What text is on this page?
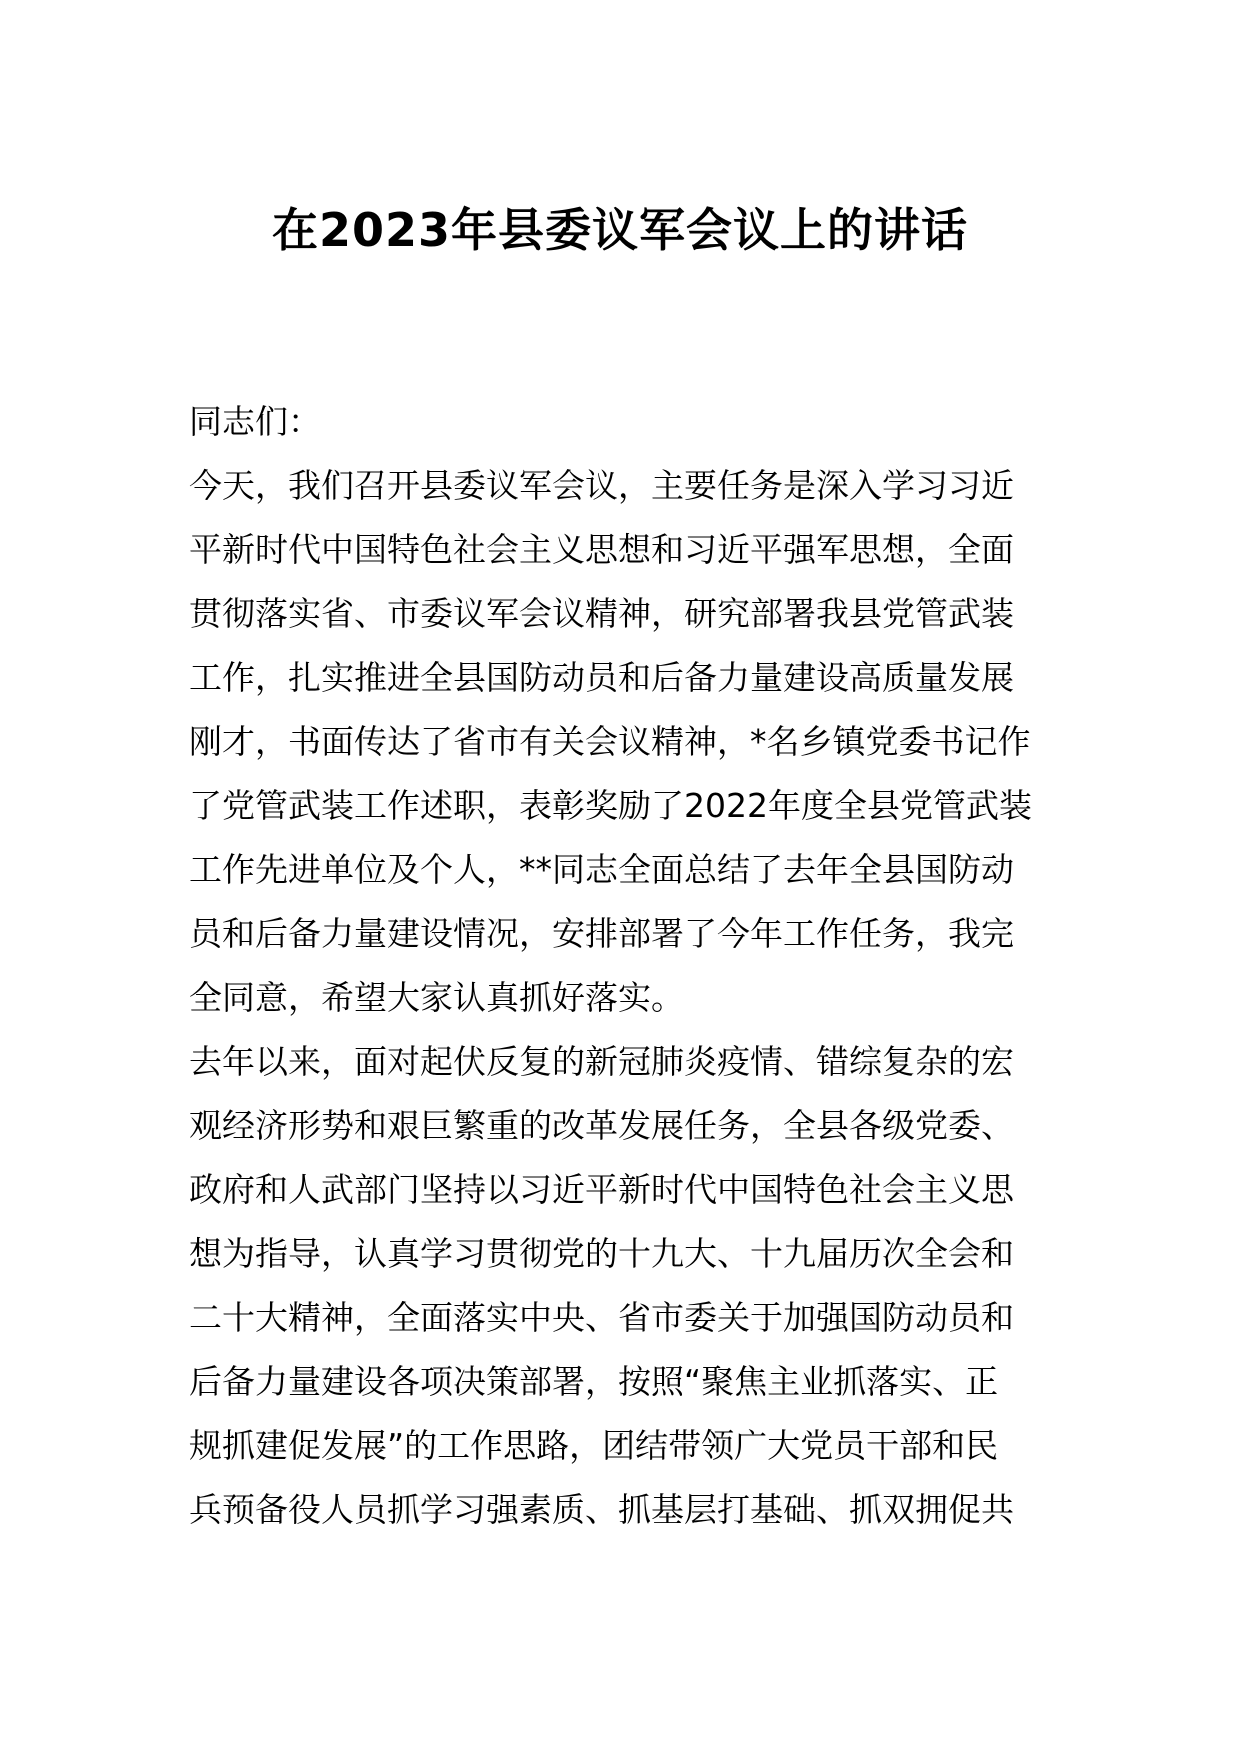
在2023年县委议军会议上的讲话
同志们：
今天，我们召开县委议军会议，主要任务是深入学习习近
平新时代中国特色社会主义思想和习近平强军思想，全面
贯彻落实省、市委议军会议精神，研究部署我县党管武装
工作，扎实推进全县国防动员和后备力量建设高质量发展
刚才，书面传达了省市有关会议精神，*名乡镇党委书记作
了党管武装工作述职，表彰奖励了2022年度全县党管武装
工作先进单位及个人，**同志全面总结了去年全县国防动
员和后备力量建设情况，安排部署了今年工作任务，我完
全同意，希望大家认真抓好落实。
去年以来，面对起伏反复的新冠肺炎疫情、错综复杂的宏
观经济形势和艰巨繁重的改革发展任务，全县各级党委、
政府和人武部门坚持以习近平新时代中国特色社会主义思
想为指导，认真学习贯彻党的十九大、十九届历次全会和
二十大精神，全面落实中央、省市委关于加强国防动员和
后备力量建设各项决策部署，按照“聚焦主业抓落实、正
规抓建促发展”的工作思路，团结带领广大党员干部和民
兵预备役人员抓学习强素质、抓基层打基础、抓双拥促共
